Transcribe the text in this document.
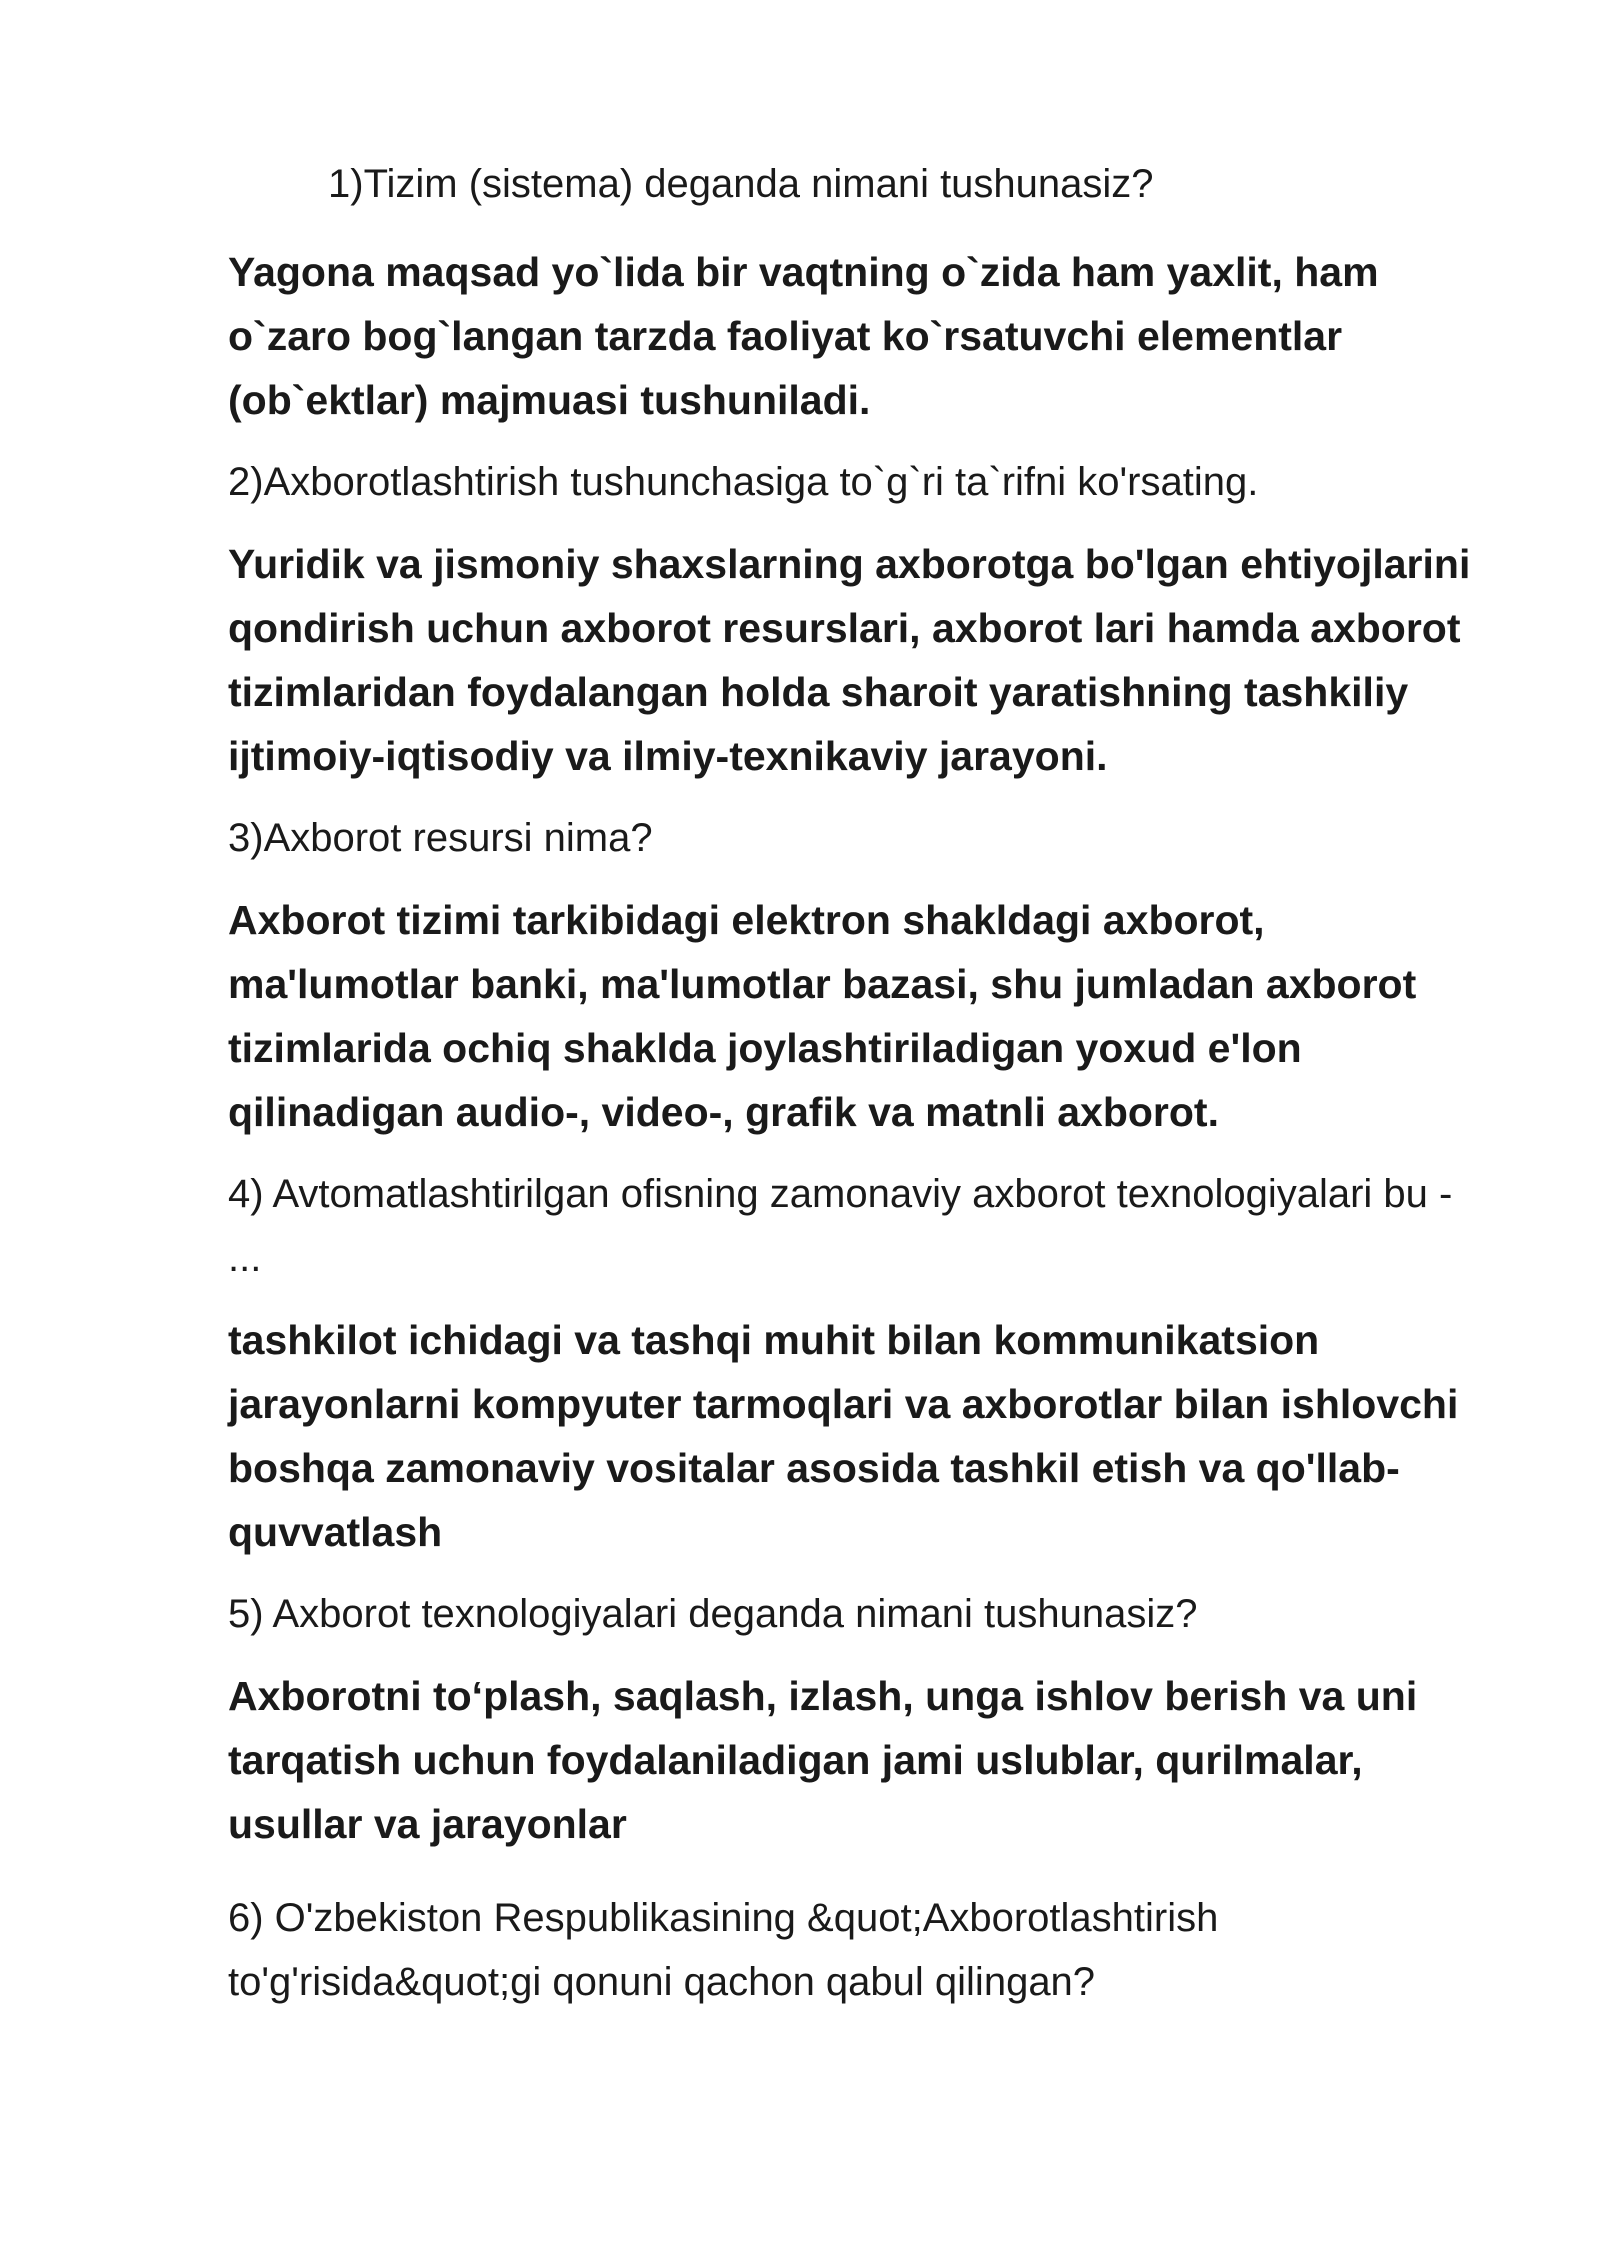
1)Tizim (sistema) deganda nimani tushunasiz?

Yagona maqsad yo`lida bir vaqtning o`zida ham yaxlit, ham o`zaro bog`langan tarzda faoliyat ko`rsatuvchi elementlar (ob`ektlar) majmuasi tushuniladi.

2)Axborotlashtirish tushunchasiga to`g`ri ta`rifni ko'rsating.

Yuridik va jismoniy shaxslarning axborotga bo'lgan ehtiyojlarini qondirish uchun axborot resurslari, axborot lari hamda axborot tizimlaridan foydalangan holda sharoit yaratishning tashkiliy ijtimoiy-iqtisodiy va ilmiy-texnikaviy jarayoni.

3)Axborot resursi nima?

Axborot tizimi tarkibidagi elektron shakldagi axborot, ma'lumotlar banki, ma'lumotlar bazasi, shu jumladan axborot tizimlarida ochiq shaklda joylashtiriladigan yoxud e'lon qilinadigan audio-, video-, grafik va matnli axborot.

4) Avtomatlashtirilgan ofisning zamonaviy axborot texnologiyalari bu - ...

tashkilot ichidagi va tashqi muhit bilan kommunikatsion jarayonlarni kompyuter tarmoqlari va axborotlar bilan ishlovchi boshqa zamonaviy vositalar asosida tashkil etish va qo'llab-quvvatlash

5) Axborot texnologiyalari deganda nimani tushunasiz?

Axborotni to‘plash, saqlash, izlash, unga ishlov berish va uni tarqatish uchun foydalaniladigan jami uslublar, qurilmalar, usullar va jarayonlar

6) O'zbekiston Respublikasining &quot;Axborotlashtirish to'g'risida&quot;gi qonuni qachon qabul qilingan?
